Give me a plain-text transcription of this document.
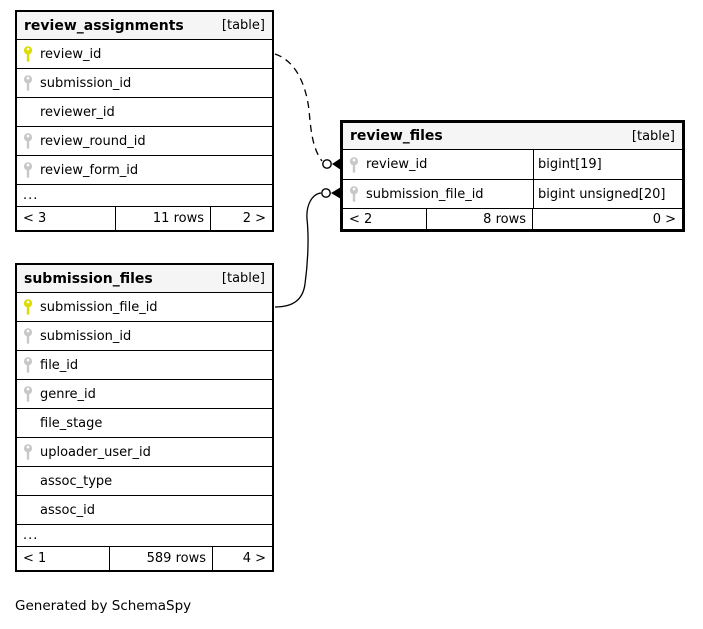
review_assignments	[table]
review_id
submission_id
reviewer_id
review_round_id
review_form_id
...
< 3	11 rows	2 >
review_files	[table]
review_id	bigint[19]
submission_file_id	bigint unsigned[20]
< 2	8 rows	0 >
submission_files	[table]
submission_file_id
submission_id
file_id
genre_id
file_stage
uploader_user_id
assoc_type
assoc_id
...
< 1	589 rows	4 >
Generated by SchemaSpy
